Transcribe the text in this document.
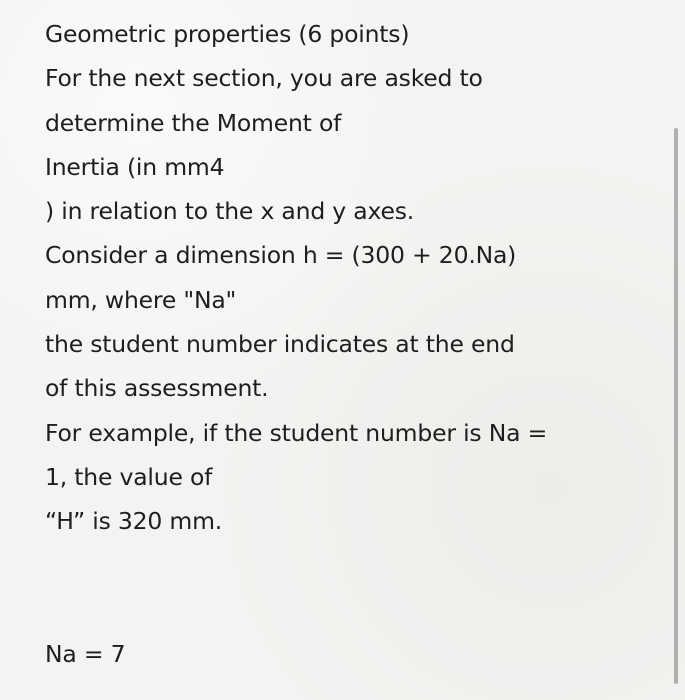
Geometric properties (6 points)
For the next section, you are asked to
determine the Moment of
Inertia (in mm4
) in relation to the x and y axes.
Consider a dimension h = (300 + 20.Na)
mm, where "Na"
the student number indicates at the end
of this assessment.
For example, if the student number is Na =
1, the value of
“H” is 320 mm.
Na = 7
